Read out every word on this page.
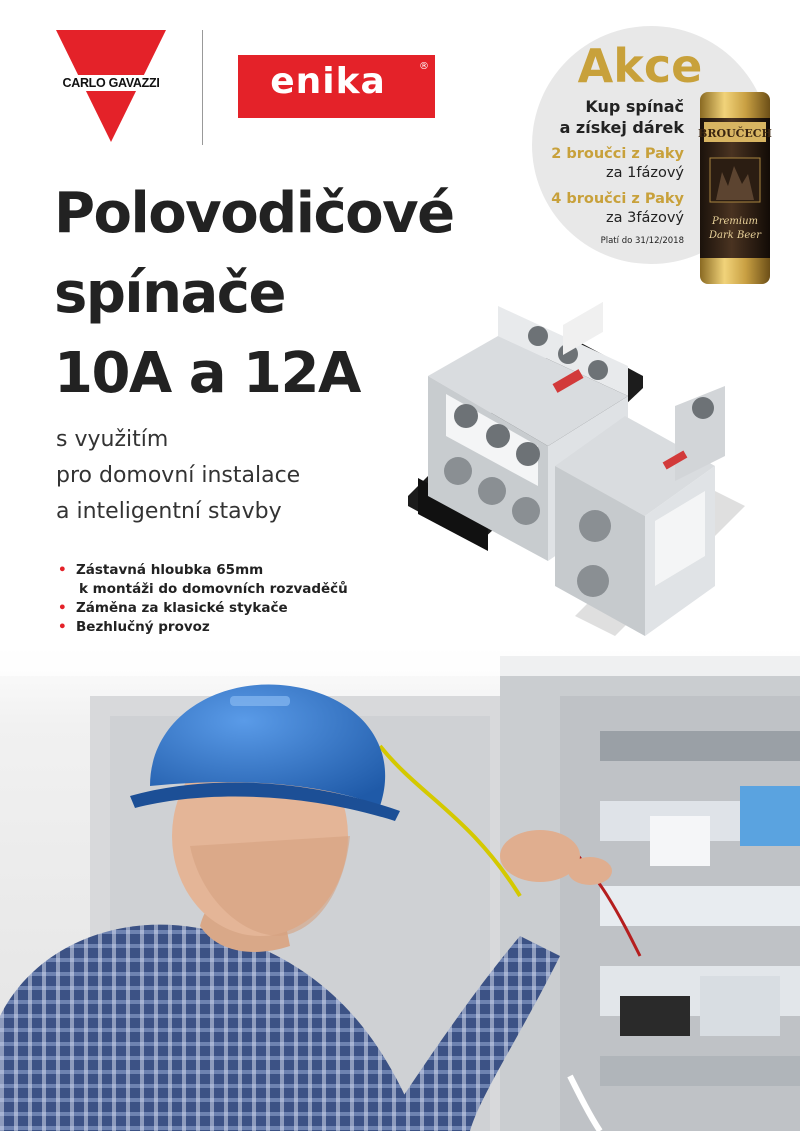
CARLO GAVAZZI	enika	®
Polovodičové
spínače
10A a 12A
s využitím
pro domovní instalace
a inteligentní stavby
• Zástavná hloubka 65mm
k montáži do domovních rozvaděčů
• Záměna za klasické stykače
• Bezhlučný provoz
Akce
Kup spínač
a získej dárek
2 broučci z Paky
za 1fázový
4 broučci z Paky
za 3fázový
Platí do 31/12/2018
BROUČECH
Premium
Dark Beer
